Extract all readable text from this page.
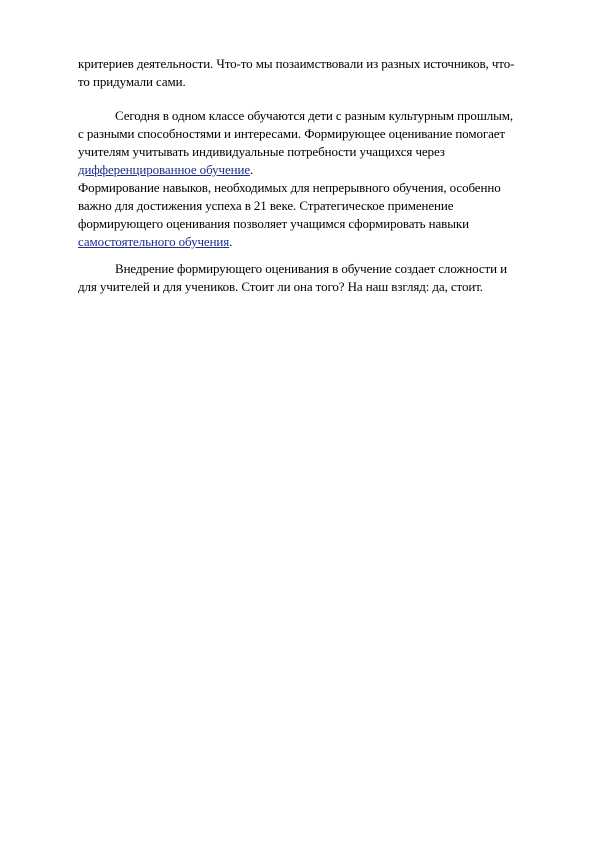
критериев деятельности. Что-то мы позаимствовали из разных источников, что-
то придумали сами.
Сегодня в одном классе обучаются дети с разным культурным прошлым,
с разными способностями и интересами. Формирующее оценивание помогает
учителям учитывать индивидуальные потребности учащихся через
дифференцированное обучение.
Формирование навыков, необходимых для непрерывного обучения, особенно
важно для достижения успеха в 21 веке. Стратегическое применение
формирующего оценивания позволяет учащимся сформировать навыки
самостоятельного обучения.
Внедрение формирующего оценивания в обучение создает сложности и
для учителей и для учеников. Стоит ли она того? На наш взгляд: да, стоит.
